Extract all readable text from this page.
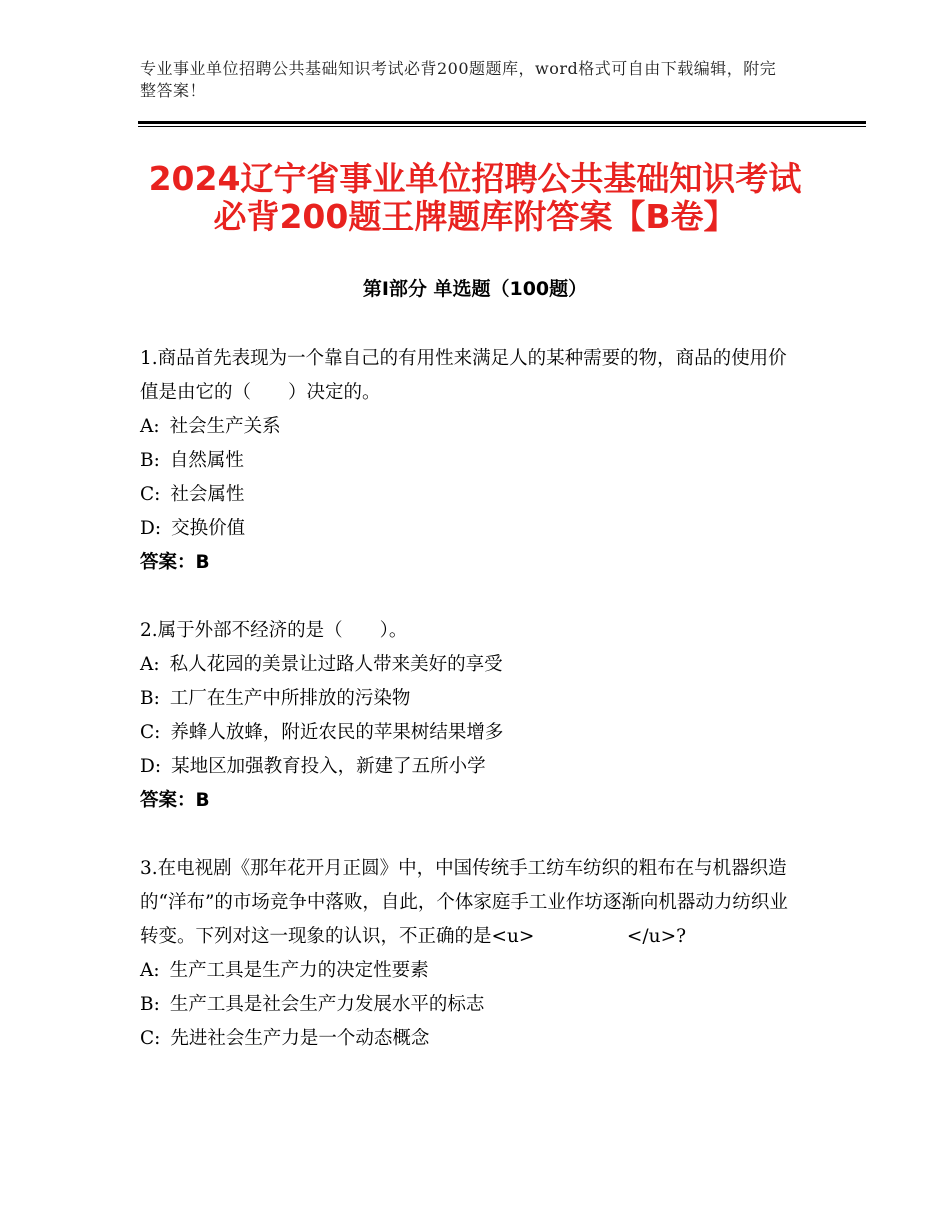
专业事业单位招聘公共基础知识考试必背200题题库，word格式可自由下载编辑，附完整答案！
2024辽宁省事业单位招聘公共基础知识考试
必背200题王牌题库附答案【B卷】
第Ⅰ部分 单选题（100题）

1.商品首先表现为一个靠自己的有用性来满足人的某种需要的物，商品的使用价值是由它的（　　）决定的。

A: 社会生产关系

B: 自然属性

C: 社会属性

D: 交换价值

答案：B

2.属于外部不经济的是（　　）。

A: 私人花园的美景让过路人带来美好的享受

B: 工厂在生产中所排放的污染物

C: 养蜂人放蜂，附近农民的苹果树结果增多

D: 某地区加强教育投入，新建了五所小学

答案：B

3.在电视剧《那年花开月正圆》中，中国传统手工纺车纺织的粗布在与机器织造的“洋布”的市场竞争中落败，自此，个体家庭手工业作坊逐渐向机器动力纺织业转变。下列对这一现象的认识，不正确的是<u>　　　　　</u>?

A: 生产工具是生产力的决定性要素

B: 生产工具是社会生产力发展水平的标志

C: 先进社会生产力是一个动态概念
